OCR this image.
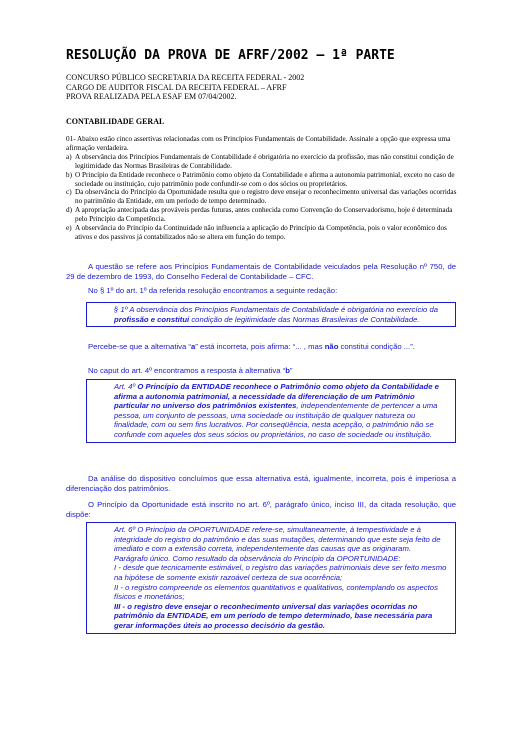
RESOLUÇÃO DA PROVA DE AFRF/2002 – 1ª PARTE
CONCURSO PÚBLICO SECRETARIA DA RECEITA FEDERAL - 2002
CARGO DE AUDITOR FISCAL DA RECEITA FEDERAL – AFRF
PROVA REALIZADA PELA ESAF EM 07/04/2002.
CONTABILIDADE GERAL
01- Abaixo estão cinco assertivas relacionadas com os Princípios Fundamentais de Contabilidade. Assinale a opção que expressa uma afirmação verdadeira.
a) A observância dos Princípios Fundamentais de Contabilidade é obrigatória no exercício da profissão, mas não constitui condição de legitimidade das Normas Brasileiras de Contabilidade.
b) O Princípio da Entidade reconhece o Patrimônio como objeto da Contabilidade e afirma a autonomia patrimonial, exceto no caso de sociedade ou instituição, cujo patrimônio pode confundir-se com o dos sócios ou proprietários.
c) Da observância do Princípio da Oportunidade resulta que o registro deve ensejar o reconhecimento universal das variações ocorridas no patrimônio da Entidade, em um período de tempo determinado.
d) A apropriação antecipada das prováveis perdas futuras, antes conhecida como Convenção do Conservadorismo, hoje é determinada pelo Princípio da Competência.
e) A observância do Princípio da Continuidade não influencia a aplicação do Princípio da Competência, pois o valor econômico dos ativos e dos passivos já contabilizados não se altera em função do tempo.
A questão se refere aos Princípios Fundamentais de Contabilidade veiculados pela Resolução nº 750, de 29 de dezembro de 1993, do Conselho Federal de Contabilidade – CFC.
No § 1º do art. 1º da referida resolução encontramos a seguinte redação:

§ 1º A observância dos Princípios Fundamentais de Contabilidade é obrigatória no exercício da profissão e constitui condição de legitimidade das Normas Brasileiras de Contabilidade.

Percebe-se que a alternativa “a” está incorreta, pois afirma: “... , mas não constitui condição ...”.
No caput do art. 4º encontramos a resposta à alternativa “b”

Art. 4º O Princípio da ENTIDADE reconhece o Patrimônio como objeto da Contabilidade e afirma a autonomia patrimonial, a necessidade da diferenciação de um Patrimônio particular no universo dos patrimônios existentes, independentemente de pertencer a uma pessoa, um conjunto de pessoas, uma sociedade ou instituição de qualquer natureza ou finalidade, com ou sem fins lucrativos. Por conseqüência, nesta acepção, o patrimônio não se confunde com aqueles dos seus sócios ou proprietários, no caso de sociedade ou instituição.

Da análise do dispositivo concluímos que essa alternativa está, igualmente, incorreta, pois é imperiosa a diferenciação dos patrimônios.
O Princípio da Oportunidade está inscrito no art. 6º, parágrafo único, inciso III, da citada resolução, que dispõe:

Art. 6º O Princípio da OPORTUNIDADE refere-se, simultaneamente, à tempestividade e à integridade do registro do patrimônio e das suas mutações, determinando que este seja feito de imediato e com a extensão correta, independentemente das causas que as originaram.

Parágrafo único. Como resultado da observância do Princípio da OPORTUNIDADE:

I - desde que tecnicamente estimável, o registro das variações patrimoniais deve ser feito mesmo na hipótese de somente existir razoável certeza de sua ocorrência;

II - o registro compreende os elementos quantitativos e qualitativos, contemplando os aspectos físicos e monetários;

III - o registro deve ensejar o reconhecimento universal das variações ocorridas no patrimônio da ENTIDADE, em um período de tempo determinado, base necessária para gerar informações úteis ao processo decisório da gestão.
